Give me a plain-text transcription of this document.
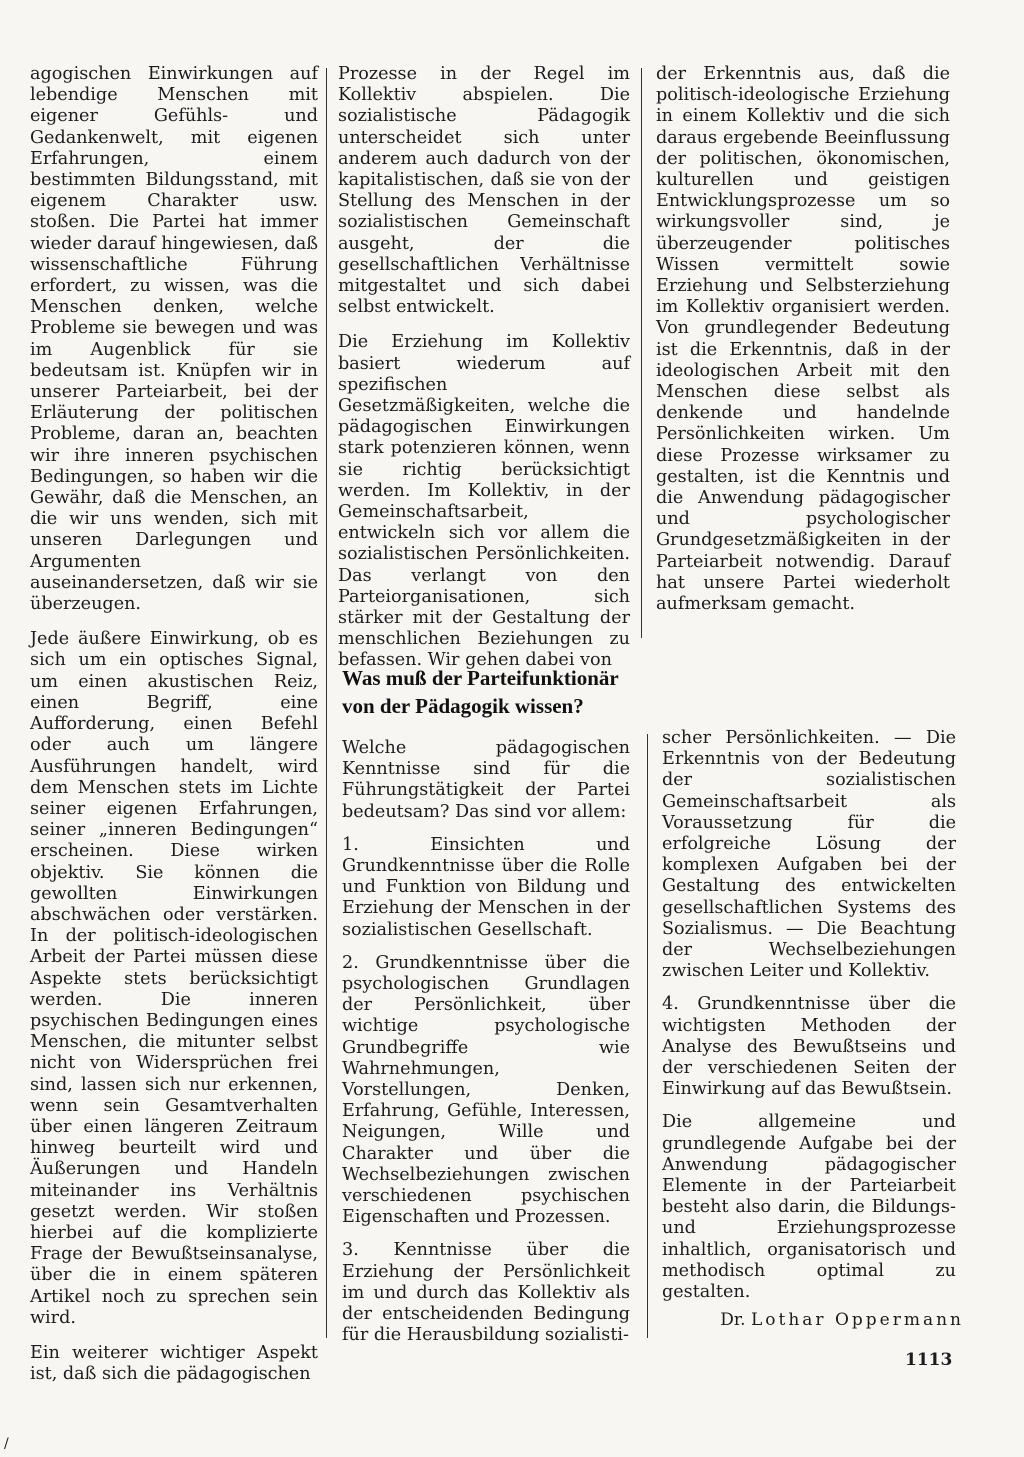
agogischen Einwirkungen auf lebendige Menschen mit eigener Gefühls- und Gedankenwelt, mit eigenen Erfahrungen, einem bestimmten Bildungsstand, mit eigenem Charakter usw. stoßen. Die Partei hat immer wieder darauf hingewiesen, daß wissenschaftliche Führung erfordert, zu wissen, was die Menschen denken, welche Probleme sie bewegen und was im Augenblick für sie bedeutsam ist. Knüpfen wir in unserer Parteiarbeit, bei der Erläuterung der politischen Probleme, daran an, beachten wir ihre inneren psychischen Bedingungen, so haben wir die Gewähr, daß die Menschen, an die wir uns wenden, sich mit unseren Darlegungen und Argumenten auseinandersetzen, daß wir sie überzeugen.

Jede äußere Einwirkung, ob es sich um ein optisches Signal, um einen akustischen Reiz, einen Begriff, eine Aufforderung, einen Befehl oder auch um längere Ausführungen handelt, wird dem Menschen stets im Lichte seiner eigenen Erfahrungen, seiner „inneren Bedingungen“ erscheinen. Diese wirken objektiv. Sie können die gewollten Einwirkungen abschwächen oder verstärken. In der politisch-ideologischen Arbeit der Partei müssen diese Aspekte stets berücksichtigt werden. Die inneren psychischen Bedingungen eines Menschen, die mitunter selbst nicht von Widersprüchen frei sind, lassen sich nur erkennen, wenn sein Gesamtverhalten über einen längeren Zeitraum hinweg beurteilt wird und Äußerungen und Handeln miteinander ins Verhältnis gesetzt werden. Wir stoßen hierbei auf die komplizierte Frage der Bewußtseinsanalyse, über die in einem späteren Artikel noch zu sprechen sein wird.

Ein weiterer wichtiger Aspekt ist, daß sich die pädagogischen

Prozesse in der Regel im Kollektiv abspielen. Die sozialistische Pädagogik unterscheidet sich unter anderem auch dadurch von der kapitalistischen, daß sie von der Stellung des Menschen in der sozialistischen Gemeinschaft ausgeht, der die gesellschaftlichen Verhältnisse mitgestaltet und sich dabei selbst entwickelt.

Die Erziehung im Kollektiv basiert wiederum auf spezifischen Gesetzmäßigkeiten, welche die pädagogischen Einwirkungen stark potenzieren können, wenn sie richtig berücksichtigt werden. Im Kollektiv, in der Gemeinschaftsarbeit, entwickeln sich vor allem die sozialistischen Persönlichkeiten. Das verlangt von den Parteiorganisationen, sich stärker mit der Gestaltung der menschlichen Beziehungen zu befassen. Wir gehen dabei von

der Erkenntnis aus, daß die politisch-ideologische Erziehung in einem Kollektiv und die sich daraus ergebende Beeinflussung der politischen, ökonomischen, kulturellen und geistigen Entwicklungsprozesse um so wirkungsvoller sind, je überzeugender politisches Wissen vermittelt sowie Erziehung und Selbsterziehung im Kollektiv organisiert werden. Von grundlegender Bedeutung ist die Erkenntnis, daß in der ideologischen Arbeit mit den Menschen diese selbst als denkende und handelnde Persönlichkeiten wirken. Um diese Prozesse wirksamer zu gestalten, ist die Kenntnis und die Anwendung pädagogischer und psychologischer Grundgesetzmäßigkeiten in der Parteiarbeit notwendig. Darauf hat unsere Partei wiederholt aufmerksam gemacht.

Was muß der Parteifunktionär
von der Pädagogik wissen?

Welche pädagogischen Kenntnisse sind für die Führungstätigkeit der Partei bedeutsam? Das sind vor allem:

1. Einsichten und Grundkenntnisse über die Rolle und Funktion von Bildung und Erziehung der Menschen in der sozialistischen Gesellschaft.

2. Grundkenntnisse über die psychologischen Grundlagen der Persönlichkeit, über wichtige psychologische Grundbegriffe wie Wahrnehmungen, Vorstellungen, Denken, Erfahrung, Gefühle, Interessen, Neigungen, Wille und Charakter und über die Wechselbeziehungen zwischen verschiedenen psychischen Eigenschaften und Prozessen.

3. Kenntnisse über die Erziehung der Persönlichkeit im und durch das Kollektiv als der entscheidenden Bedingung für die Herausbildung sozialisti-

scher Persönlichkeiten. — Die Erkenntnis von der Bedeutung der sozialistischen Gemeinschaftsarbeit als Voraussetzung für die erfolgreiche Lösung der komplexen Aufgaben bei der Gestaltung des entwickelten gesellschaftlichen Systems des Sozialismus. — Die Beachtung der Wechselbeziehungen zwischen Leiter und Kollektiv.

4. Grundkenntnisse über die wichtigsten Methoden der Analyse des Bewußtseins und der verschiedenen Seiten der Einwirkung auf das Bewußtsein.

Die allgemeine und grundlegende Aufgabe bei der Anwendung pädagogischer Elemente in der Parteiarbeit besteht also darin, die Bildungs- und Erziehungsprozesse inhaltlich, organisatorisch und methodisch optimal zu gestalten.

Dr. Lothar Oppermann
1113
/
